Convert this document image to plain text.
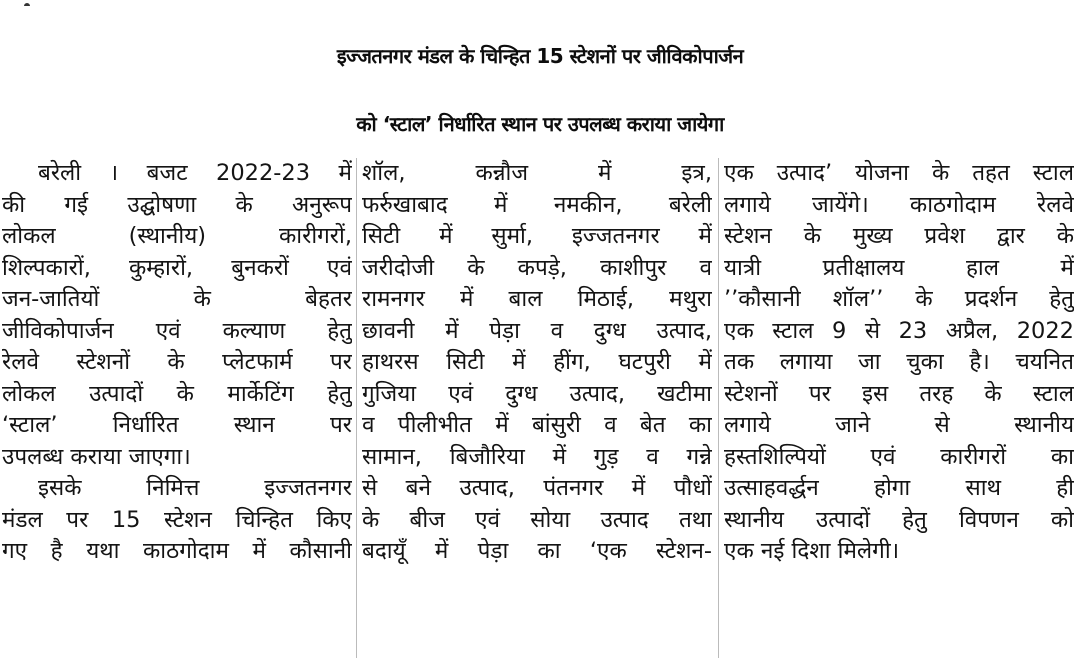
इज्जतनगर मंडल के चिन्हित 15 स्टेशनों पर जीविकोपार्जन
को ‘स्टाल’ निर्धारित स्थान पर उपलब्ध कराया जायेगा
बरेली । बजट 2022-23 में
की गई उद्घोषणा के अनुरूप
लोकल (स्थानीय) कारीगरों,
शिल्पकारों, कुम्हारों, बुनकरों एवं
जन-जातियों के बेहतर
जीविकोपार्जन एवं कल्याण हेतु
रेलवे स्टेशनों के प्लेटफार्म पर
लोकल उत्पादों के मार्केटिंग हेतु
‘स्टाल’ निर्धारित स्थान पर
उपलब्ध कराया जाएगा।
इसके निमित्त इज्जतनगर
मंडल पर 15 स्टेशन चिन्हित किए
गए है यथा काठगोदाम में कौसानी
शॉल, कन्नौज में इत्र,
फर्रुखाबाद में नमकीन, बरेली
सिटी में सुर्मा, इज्जतनगर में
जरीदोजी के कपड़े, काशीपुर व
रामनगर में बाल मिठाई, मथुरा
छावनी में पेड़ा व दुग्ध उत्पाद,
हाथरस सिटी में हींग, घटपुरी में
गुजिया एवं दुग्ध उत्पाद, खटीमा
व पीलीभीत में बांसुरी व बेत का
सामान, बिजौरिया में गुड़ व गन्ने
से बने उत्पाद, पंतनगर में पौधों
के बीज एवं सोया उत्पाद तथा
बदायूँ में पेड़ा का ‘एक स्टेशन-
एक उत्पाद’ योजना के तहत स्टाल
लगाये जायेंगे। काठगोदाम रेलवे
स्टेशन के मुख्य प्रवेश द्वार के
यात्री प्रतीक्षालय हाल में
’’कौसानी शॉल’’ के प्रदर्शन हेतु
एक स्टाल 9 से 23 अप्रैल, 2022
तक लगाया जा चुका है। चयनित
स्टेशनों पर इस तरह के स्टाल
लगाये जाने से स्थानीय
हस्तशिल्पियों एवं कारीगरों का
उत्साहवर्द्धन होगा साथ ही
स्थानीय उत्पादों हेतु विपणन को
एक नई दिशा मिलेगी।
